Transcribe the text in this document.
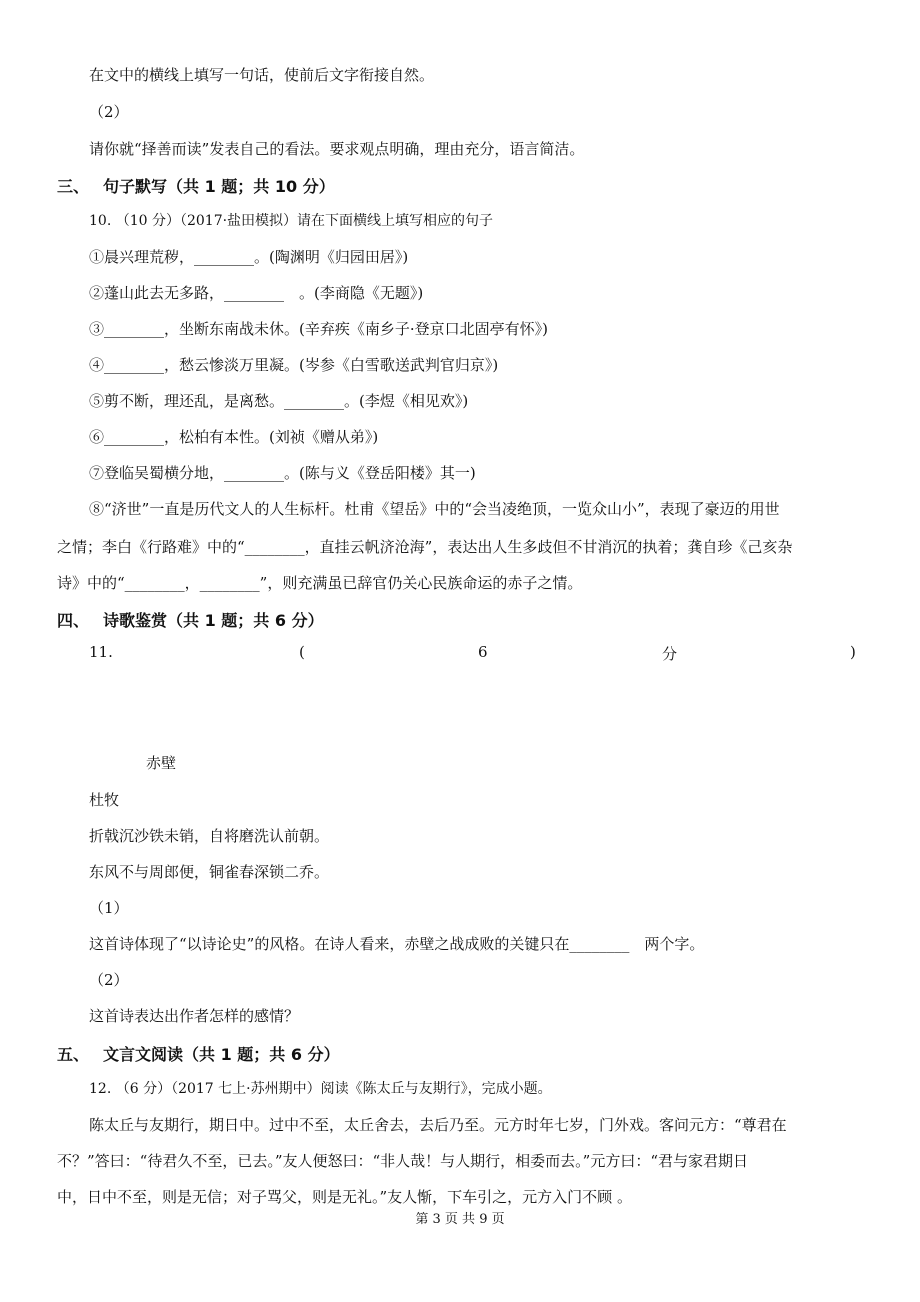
在文中的横线上填写一句话，使前后文字衔接自然。
（2）
请你就“择善而读”发表自己的看法。要求观点明确，理由充分，语言简洁。
三、 句子默写（共 1 题；共 10 分）
10. （10 分）（2017·盐田模拟）请在下面横线上填写相应的句子
①晨兴理荒秽，________。(陶渊明《归园田居》)
②蓬山此去无多路，________　。(李商隐《无题》)
③________，坐断东南战未休。(辛弃疾《南乡子·登京口北固亭有怀》)
④________，愁云惨淡万里凝。(岑参《白雪歌送武判官归京》)
⑤剪不断，理还乱，是离愁。________。(李煜《相见欢》)
⑥________，松柏有本性。(刘祯《赠从弟》)
⑦登临吴蜀横分地，________。(陈与义《登岳阳楼》其一)
⑧“济世”一直是历代文人的人生标杆。杜甫《望岳》中的“会当凌绝顶，一览众山小”，表现了豪迈的用世
之情；李白《行路难》中的“________，直挂云帆济沧海”，表达出人生多歧但不甘消沉的执着；龚自珍《己亥杂
诗》中的“________，________”，则充满虽已辞官仍关心民族命运的赤子之情。
四、 诗歌鉴赏（共 1 题；共 6 分）
11.	(	6	分	)
赤壁
杜牧
折戟沉沙铁未销，自将磨洗认前朝。
东风不与周郎便，铜雀春深锁二乔。
（1）
这首诗体现了“以诗论史”的风格。在诗人看来，赤壁之战成败的关键只在________　两个字。
（2）
这首诗表达出作者怎样的感情？
五、 文言文阅读（共 1 题；共 6 分）
12. （6 分）（2017 七上·苏州期中）阅读《陈太丘与友期行》，完成小题。
陈太丘与友期行，期日中。过中不至，太丘舍去，去后乃至。元方时年七岁，门外戏。客问元方：“尊君在
不？”答曰：“待君久不至，已去。”友人便怒曰：“非人哉！与人期行，相委而去。”元方曰：“君与家君期日
中，日中不至，则是无信；对子骂父，则是无礼。”友人惭，下车引之，元方入门不顾 。
第 3 页 共 9 页
